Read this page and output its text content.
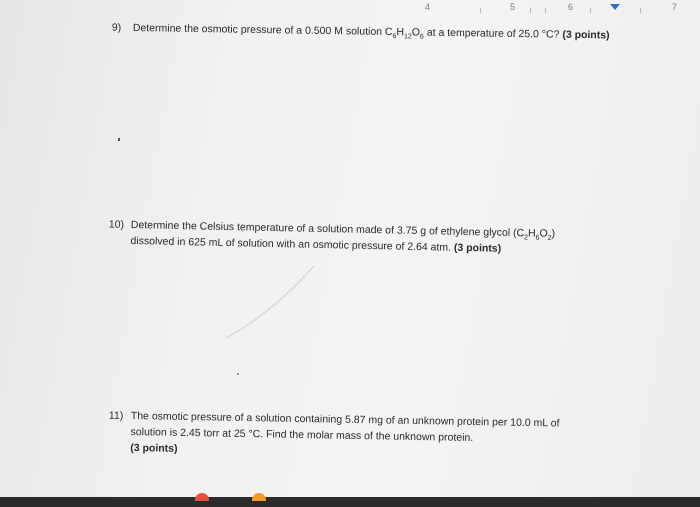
4	5	6	7
9) Determine the osmotic pressure of a 0.500 M solution $C_6H_{12}O_6$ at a temperature of 25.0 °C? (3 points)
10) Determine the Celsius temperature of a solution made of 3.75 g of ethylene glycol $(C_2H_6O_2)$ dissolved in 625 mL of solution with an osmotic pressure of 2.64 atm. (3 points)
11) The osmotic pressure of a solution containing 5.87 mg of an unknown protein per 10.0 mL of solution is 2.45 torr at 25 °C. Find the molar mass of the unknown protein.
(3 points)
